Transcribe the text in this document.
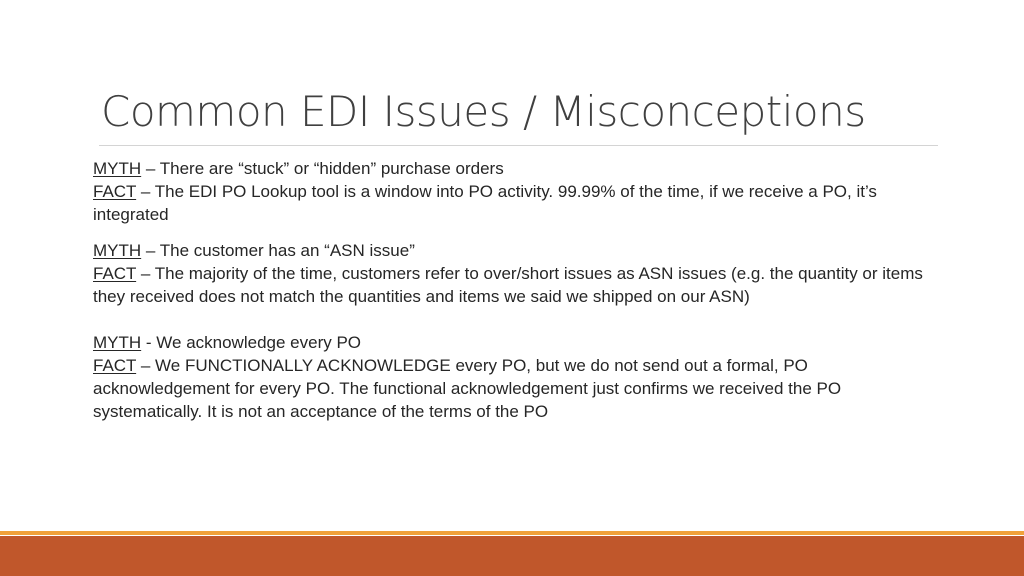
Common EDI Issues / Misconceptions

MYTH – There are “stuck” or “hidden” purchase orders

FACT – The EDI PO Lookup tool is a window into PO activity. 99.99% of the time, if we receive a PO, it’s integrated

MYTH – The customer has an “ASN issue”

FACT – The majority of the time, customers refer to over/short issues as ASN issues (e.g. the quantity or items they received does not match the quantities and items we said we shipped on our ASN)

MYTH - We acknowledge every PO

FACT – We FUNCTIONALLY ACKNOWLEDGE every PO, but we do not send out a formal, PO acknowledgement for every PO. The functional acknowledgement just confirms we received the PO systematically. It is not an acceptance of the terms of the PO
